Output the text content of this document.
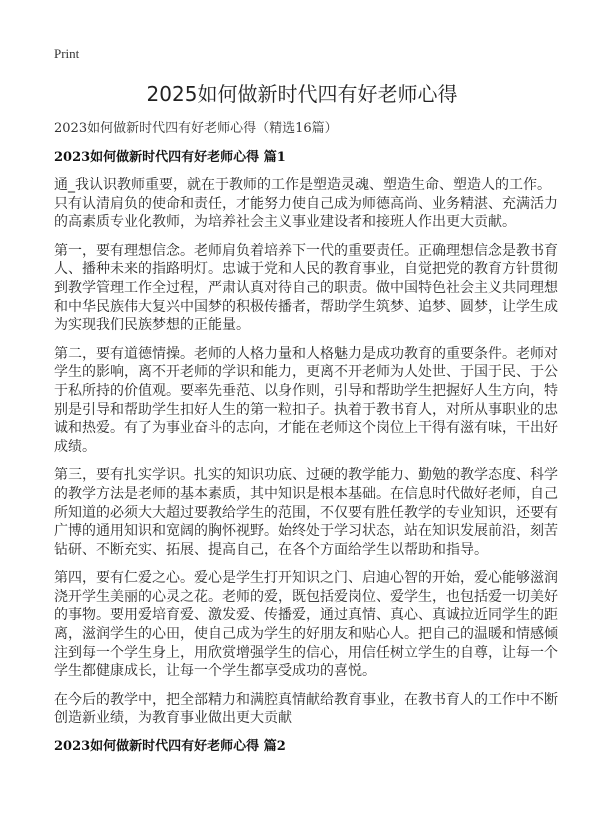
Print
2025如何做新时代四有好老师心得
2023如何做新时代四有好老师心得（精选16篇）
2023如何做新时代四有好老师心得 篇1

通_我认识教师重要，就在于教师的工作是塑造灵魂、塑造生命、塑造人的工作。
只有认清肩负的使命和责任，才能努力使自己成为师德高尚、业务精湛、充满活力
的高素质专业化教师，为培养社会主义事业建设者和接班人作出更大贡献。

第一，要有理想信念。老师肩负着培养下一代的重要责任。正确理想信念是教书育
人、播种未来的指路明灯。忠诚于党和人民的教育事业，自觉把党的教育方针贯彻
到教学管理工作全过程，严肃认真对待自己的职责。做中国特色社会主义共同理想
和中华民族伟大复兴中国梦的积极传播者，帮助学生筑梦、追梦、圆梦，让学生成
为实现我们民族梦想的正能量。

第二，要有道德情操。老师的人格力量和人格魅力是成功教育的重要条件。老师对
学生的影响，离不开老师的学识和能力，更离不开老师为人处世、于国于民、于公
于私所持的价值观。要率先垂范、以身作则，引导和帮助学生把握好人生方向，特
别是引导和帮助学生扣好人生的第一粒扣子。执着于教书育人，对所从事职业的忠
诚和热爱。有了为事业奋斗的志向，才能在老师这个岗位上干得有滋有味，干出好
成绩。

第三，要有扎实学识。扎实的知识功底、过硬的教学能力、勤勉的教学态度、科学
的教学方法是老师的基本素质，其中知识是根本基础。在信息时代做好老师，自己
所知道的必须大大超过要教给学生的范围，不仅要有胜任教学的专业知识，还要有
广博的通用知识和宽阔的胸怀视野。始终处于学习状态，站在知识发展前沿，刻苦
钻研、不断充实、拓展、提高自己，在各个方面给学生以帮助和指导。

第四，要有仁爱之心。爱心是学生打开知识之门、启迪心智的开始，爱心能够滋润
浇开学生美丽的心灵之花。老师的爱，既包括爱岗位、爱学生，也包括爱一切美好
的事物。要用爱培育爱、激发爱、传播爱，通过真情、真心、真诚拉近同学生的距
离，滋润学生的心田，使自己成为学生的好朋友和贴心人。把自己的温暖和情感倾
注到每一个学生身上，用欣赏增强学生的信心，用信任树立学生的自尊，让每一个
学生都健康成长，让每一个学生都享受成功的喜悦。

在今后的教学中，把全部精力和满腔真情献给教育事业，在教书育人的工作中不断
创造新业绩，为教育事业做出更大贡献

2023如何做新时代四有好老师心得 篇2
